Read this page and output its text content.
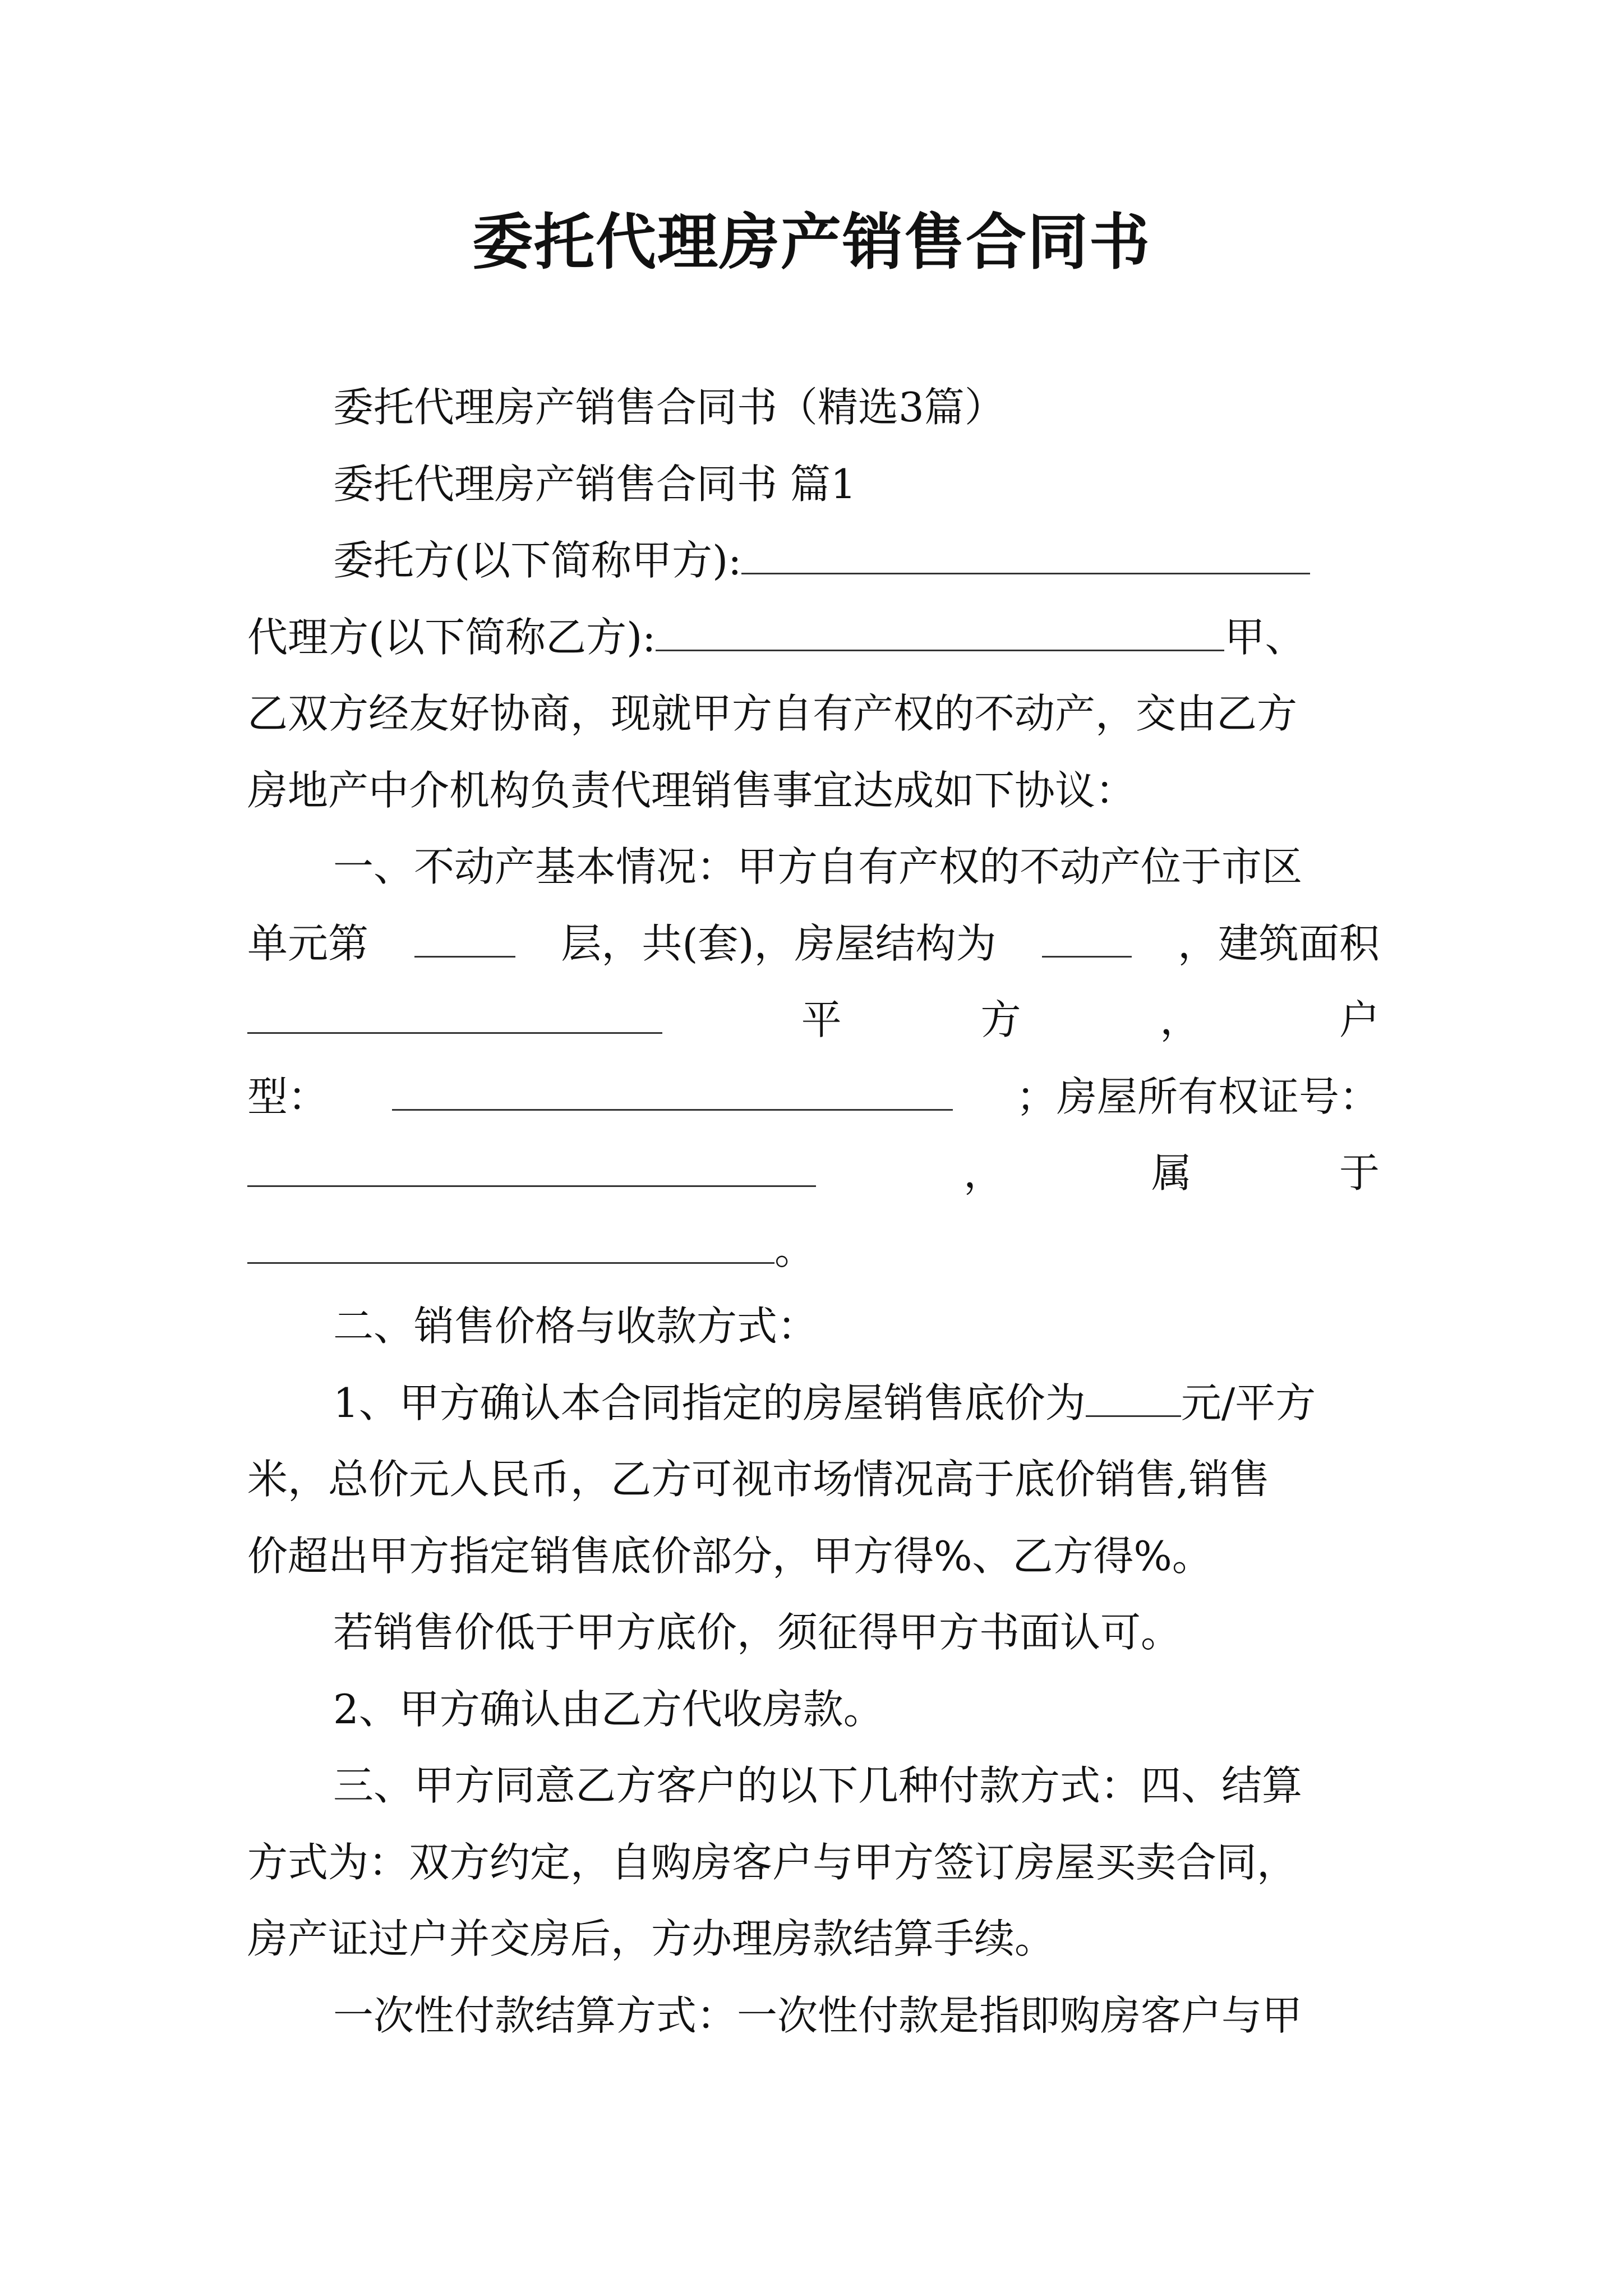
委托代理房产销售合同书
委托代理房产销售合同书（精选3篇）
委托代理房产销售合同书 篇1
委托方(以下简称甲方):
代理方(以下简称乙方):	甲、
乙双方经友好协商，现就甲方自有产权的不动产，交由乙方
房地产中介机构负责代理销售事宜达成如下协议：
一、不动产基本情况：甲方自有产权的不动产位于市区
单元第	层，共(套)，房屋结构为	，建筑面积
平	方	，	户
型：	；房屋所有权证号：
，	属	于
。
二、销售价格与收款方式：
1、甲方确认本合同指定的房屋销售底价为 元/平方
米，总价元人民币，乙方可视市场情况高于底价销售,销售
价超出甲方指定销售底价部分，甲方得%、乙方得%。
若销售价低于甲方底价，须征得甲方书面认可。
2、甲方确认由乙方代收房款。
三、甲方同意乙方客户的以下几种付款方式：四、结算
方式为：双方约定，自购房客户与甲方签订房屋买卖合同，
房产证过户并交房后，方办理房款结算手续。
一次性付款结算方式：一次性付款是指即购房客户与甲
